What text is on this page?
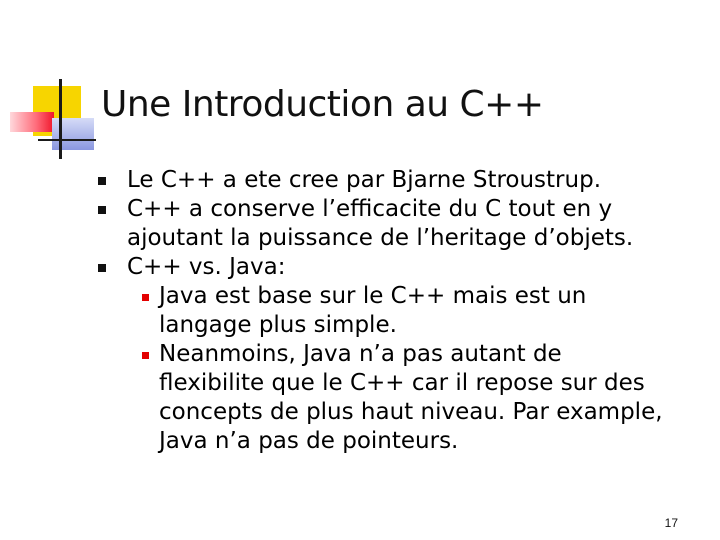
Une Introduction au C++
Le C++ a ete cree par Bjarne Stroustrup.
C++ a conserve l’efficacite du C tout en y
ajoutant la puissance de l’heritage d’objets.
C++ vs. Java:
Java est base sur le C++ mais est un
langage plus simple.
Neanmoins, Java n’a pas autant de
flexibilite que le C++ car il repose sur des
concepts de plus haut niveau. Par example,
Java n’a pas de pointeurs.
17
